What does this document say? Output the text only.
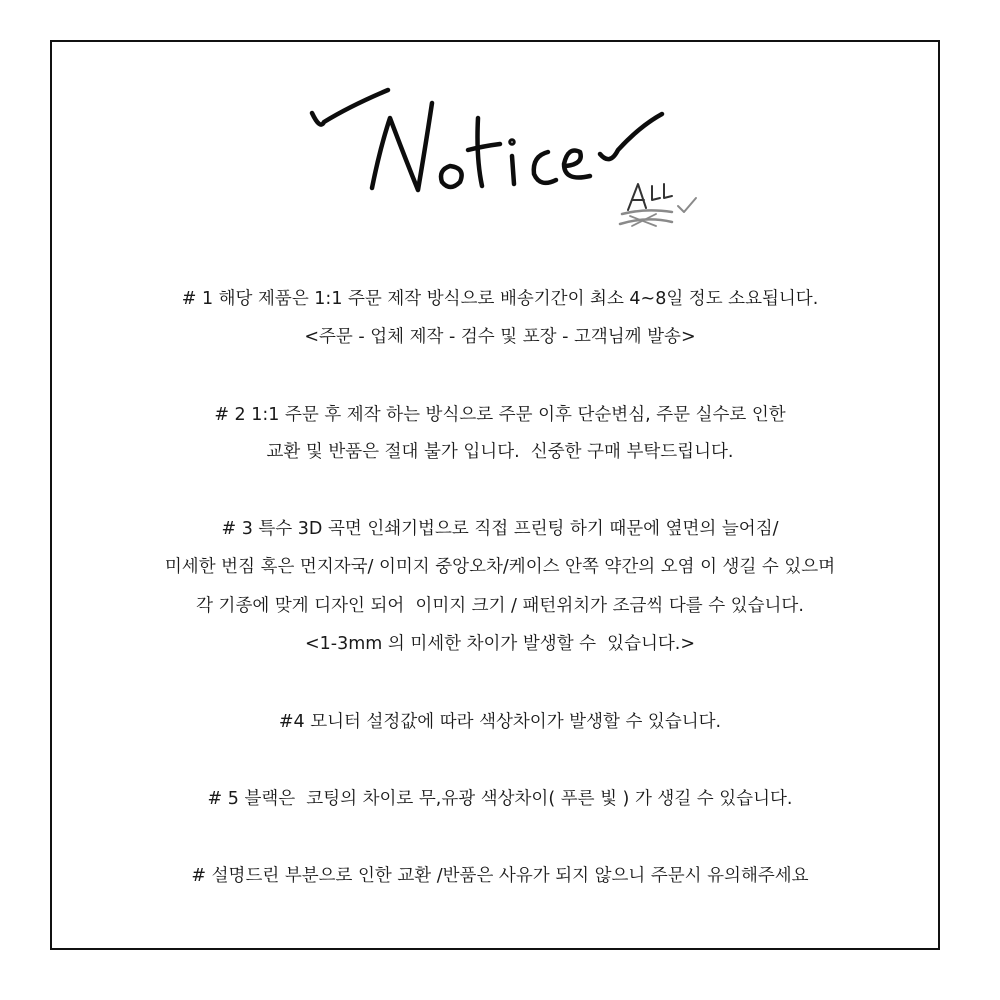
# 1 해당 제품은 1:1 주문 제작 방식으로 배송기간이 최소 4~8일 정도 소요됩니다.
<주문 - 업체 제작 - 검수 및 포장 - 고객님께 발송>
# 2 1:1 주문 후 제작 하는 방식으로 주문 이후 단순변심, 주문 실수로 인한
교환 및 반품은 절대 불가 입니다.  신중한 구매 부탁드립니다.
# 3 특수 3D 곡면 인쇄기법으로 직접 프린팅 하기 때문에 옆면의 늘어짐/
미세한 번짐 혹은 먼지자국/ 이미지 중앙오차/케이스 안쪽 약간의 오염 이 생길 수 있으며
각 기종에 맞게 디자인 되어  이미지 크기 / 패턴위치가 조금씩 다를 수 있습니다.
<1-3mm 의 미세한 차이가 발생할 수  있습니다.>
#4 모니터 설정값에 따라 색상차이가 발생할 수 있습니다.
# 5 블랙은  코팅의 차이로 무,유광 색상차이( 푸른 빛 ) 가 생길 수 있습니다.
# 설명드린 부분으로 인한 교환 /반품은 사유가 되지 않으니 주문시 유의해주세요
